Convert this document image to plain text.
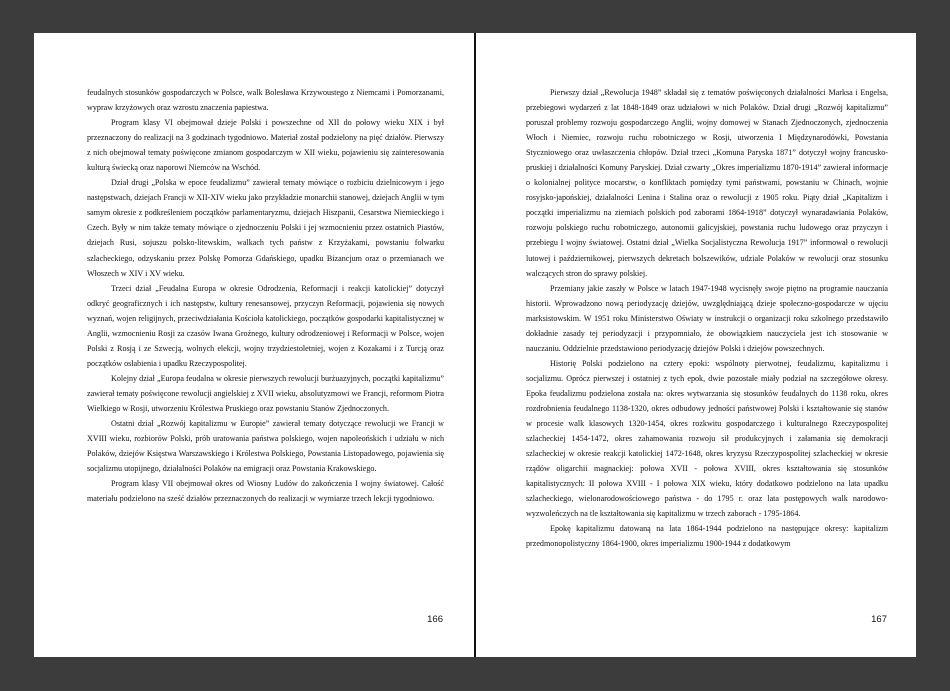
feudalnych stosunków gospodarczych w Polsce, walk Bolesława Krzywoustego z Niemcami i Pomorzanami, wypraw krzyżowych oraz wzrostu znaczenia papiestwa.

Program klasy VI obejmował dzieje Polski i powszechne od XII do połowy wieku XIX i był przeznaczony do realizacji na 3 godzinach tygodniowo. Materiał został podzielony na pięć działów. Pierwszy z nich obejmował tematy poświęcone zmianom gospodarczym w XII wieku, pojawieniu się zainteresowania kulturą świecką oraz naporowi Niemców na Wschód.

Dział drugi „Polska w epoce feudalizmu” zawierał tematy mówiące o rozbiciu dzielnicowym i jego następstwach, dziejach Francji w XII-XIV wieku jako przykładzie monarchii stanowej, dziejach Anglii w tym samym okresie z podkreśleniem początków parlamentaryzmu, dziejach Hiszpanii, Cesarstwa Niemieckiego i Czech. Były w nim także tematy mówiące o zjednoczeniu Polski i jej wzmocnieniu przez ostatnich Piastów, dziejach Rusi, sojuszu polsko-litewskim, walkach tych państw z Krzyżakami, powstaniu folwarku szlacheckiego, odzyskaniu przez Polskę Pomorza Gdańskiego, upadku Bizancjum oraz o przemianach we Włoszech w XIV i XV wieku.

Trzeci dział „Feudalna Europa w okresie Odrodzenia, Reformacji i reakcji katolickiej” dotyczył odkryć geograficznych i ich następstw, kultury renesansowej, przyczyn Reformacji, pojawienia się nowych wyznań, wojen religijnych, przeciwdziałania Kościoła katolickiego, początków gospodarki kapitalistycznej w Anglii, wzmocnieniu Rosji za czasów Iwana Groźnego, kultury odrodzeniowej i Reformacji w Polsce, wojen Polski z Rosją i ze Szwecją, wolnych elekcji, wojny trzydziestoletniej, wojen z Kozakami i z Turcją oraz początków osłabienia i upadku Rzeczypospolitej.

Kolejny dział „Europa feudalna w okresie pierwszych rewolucji burżuazyjnych, początki kapitalizmu” zawierał tematy poświęcone rewolucji angielskiej z XVII wieku, absolutyzmowi we Francji, reformom Piotra Wielkiego w Rosji, utworzeniu Królestwa Pruskiego oraz powstaniu Stanów Zjednoczonych.

Ostatni dział „Rozwój kapitalizmu w Europie” zawierał tematy dotyczące rewolucji we Francji w XVIII wieku, rozbiorów Polski, prób uratowania państwa polskiego, wojen napoleońskich i udziału w nich Polaków, dziejów Księstwa Warszawskiego i Królestwa Polskiego, Powstania Listopadowego, pojawienia się socjalizmu utopijnego, działalności Polaków na emigracji oraz Powstania Krakowskiego.

Program klasy VII obejmował okres od Wiosny Ludów do zakończenia I wojny światowej. Całość materiału podzielono na sześć działów przeznaczonych do realizacji w wymiarze trzech lekcji tygodniowo.

166

Pierwszy dział „Rewolucja 1948” składał się z tematów poświęconych działalności Marksa i Engelsa, przebiegowi wydarzeń z lat 1848-1849 oraz udziałowi w nich Polaków. Dział drugi „Rozwój kapitalizmu” poruszał problemy rozwoju gospodarczego Anglii, wojny domowej w Stanach Zjednoczonych, zjednoczenia Włoch i Niemiec, rozwoju ruchu robotniczego w Rosji, utworzenia I Międzynarodówki, Powstania Styczniowego oraz uwłaszczenia chłopów. Dział trzeci „Komuna Paryska 1871” dotyczył wojny francusko-pruskiej i działalności Komuny Paryskiej. Dział czwarty „Okres imperializmu 1870-1914” zawierał informacje o kolonialnej polityce mocarstw, o konfliktach pomiędzy tymi państwami, powstaniu w Chinach, wojnie rosyjsko-japońskiej, działalności Lenina i Stalina oraz o rewolucji z 1905 roku. Piąty dział „Kapitalizm i początki imperializmu na ziemiach polskich pod zaborami 1864-1918” dotyczył wynaradawiania Polaków, rozwoju polskiego ruchu robotniczego, autonomii galicyjskiej, powstania ruchu ludowego oraz przyczyn i przebiegu I wojny światowej. Ostatni dział „Wielka Socjalistyczna Rewolucja 1917” informował o rewolucji lutowej i październikowej, pierwszych dekretach bolszewików, udziale Polaków w rewolucji oraz stosunku walczących stron do sprawy polskiej.

Przemiany jakie zaszły w Polsce w latach 1947-1948 wycisnęły swoje piętno na programie nauczania historii. Wprowadzono nową periodyzację dziejów, uwzględniającą dzieje społeczno-gospodarcze w ujęciu marksistowskim. W 1951 roku Ministerstwo Oświaty w instrukcji o organizacji roku szkolnego przedstawiło dokładnie zasady tej periodyzacji i przypomniało, że obowiązkiem nauczyciela jest ich stosowanie w nauczaniu. Oddzielnie przedstawiono periodyzację dziejów Polski i dziejów powszechnych.

Historię Polski podzielono na cztery epoki: wspólnoty pierwotnej, feudalizmu, kapitalizmu i socjalizmu. Oprócz pierwszej i ostatniej z tych epok, dwie pozostałe miały podział na szczegółowe okresy. Epoka feudalizmu podzielona została na: okres wytwarzania się stosunków feudalnych do 1138 roku, okres rozdrobnienia feudalnego 1138-1320, okres odbudowy jedności państwowej Polski i kształtowanie się stanów w procesie walk klasowych 1320-1454, okres rozkwitu gospodarczego i kulturalnego Rzeczypospolitej szlacheckiej 1454-1472, okres zahamowania rozwoju sił produkcyjnych i załamania się demokracji szlacheckiej w okresie reakcji katolickiej 1472-1648, okres kryzysu Rzeczypospolitej szlacheckiej w okresie rządów oligarchii magnackiej: połowa XVII - połowa XVIII, okres kształtowania się stosunków kapitalistycznych: II połowa XVIII - I połowa XIX wieku, który dodatkowo podzielono na lata upadku szlacheckiego, wielonarodowościowego państwa - do 1795 r. oraz lata postępowych walk narodowo-wyzwoleńczych na tle kształtowania się kapitalizmu w trzech zaborach - 1795-1864.

Epokę kapitalizmu datowaną na lata 1864-1944 podzielono na następujące okresy: kapitalizm przedmonopolistyczny 1864-1900, okres imperializmu 1900-1944 z dodatkowym

167
